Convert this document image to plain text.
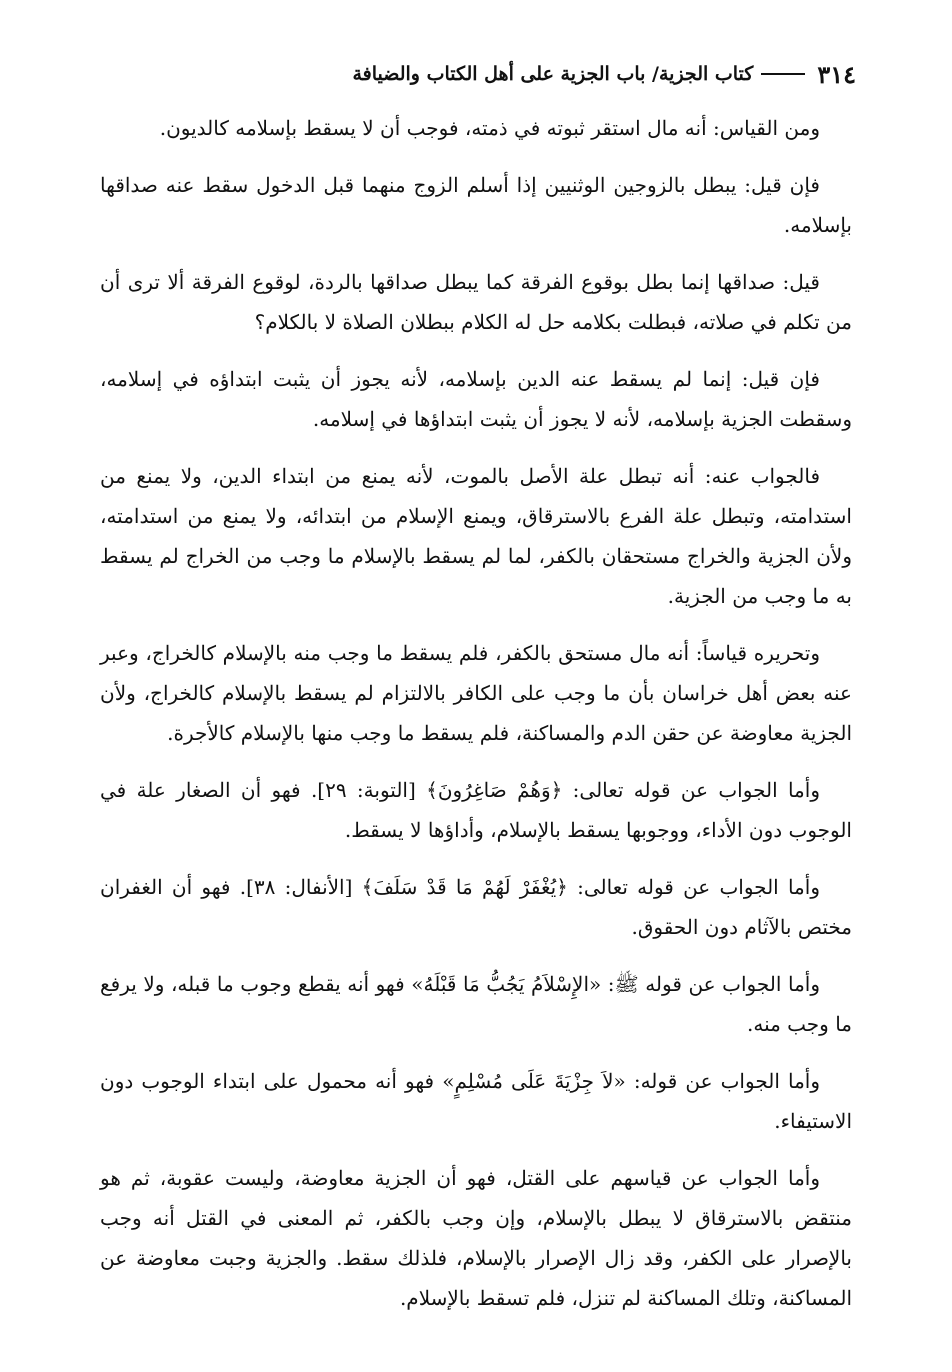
٣١٤
كتاب الجزية/ باب الجزية على أهل الكتاب والضيافة

ومن القياس: أنه مال استقر ثبوته في ذمته، فوجب أن لا يسقط بإسلامه كالديون.

فإن قيل: يبطل بالزوجين الوثنيين إذا أسلم الزوج منهما قبل الدخول سقط عنه صداقها بإسلامه.

قيل: صداقها إنما بطل بوقوع الفرقة كما يبطل صداقها بالردة، لوقوع الفرقة ألا ترى أن من تكلم في صلاته، فبطلت بكلامه حل له الكلام ببطلان الصلاة لا بالكلام؟

فإن قيل: إنما لم يسقط عنه الدين بإسلامه، لأنه يجوز أن يثبت ابتداؤه في إسلامه، وسقطت الجزية بإسلامه، لأنه لا يجوز أن يثبت ابتداؤها في إسلامه.

فالجواب عنه: أنه تبطل علة الأصل بالموت، لأنه يمنع من ابتداء الدين، ولا يمنع من استدامته، وتبطل علة الفرع بالاسترقاق، ويمنع الإسلام من ابتدائه، ولا يمنع من استدامته، ولأن الجزية والخراج مستحقان بالكفر، لما لم يسقط بالإسلام ما وجب من الخراج لم يسقط به ما وجب من الجزية.

وتحريره قياساً: أنه مال مستحق بالكفر، فلم يسقط ما وجب منه بالإسلام كالخراج، وعبر عنه بعض أهل خراسان بأن ما وجب على الكافر بالالتزام لم يسقط بالإسلام كالخراج، ولأن الجزية معاوضة عن حقن الدم والمساكنة، فلم يسقط ما وجب منها بالإسلام كالأجرة.

وأما الجواب عن قوله تعالى: ﴿وَهُمْ صَاغِرُونَ﴾ [التوبة: ٢٩]. فهو أن الصغار علة في الوجوب دون الأداء، ووجوبها يسقط بالإسلام، وأداؤها لا يسقط.

وأما الجواب عن قوله تعالى: ﴿يُغْفَرْ لَهُمْ مَا قَدْ سَلَفَ﴾ [الأنفال: ٣٨]. فهو أن الغفران مختص بالآثام دون الحقوق.

وأما الجواب عن قوله ﷺ: «الإِسْلاَمُ يَجُبُّ مَا قَبْلَهُ» فهو أنه يقطع وجوب ما قبله، ولا يرفع ما وجب منه.

وأما الجواب عن قوله: «لاَ جِزْيَةَ عَلَى مُسْلِمٍ» فهو أنه محمول على ابتداء الوجوب دون الاستيفاء.

وأما الجواب عن قياسهم على القتل، فهو أن الجزية معاوضة، وليست عقوبة، ثم هو منتقض بالاسترقاق لا يبطل بالإسلام، وإن وجب بالكفر، ثم المعنى في القتل أنه وجب بالإصرار على الكفر، وقد زال الإصرار بالإسلام، فلذلك سقط. والجزية وجبت معاوضة عن المساكنة، وتلك المساكنة لم تنزل، فلم تسقط بالإسلام.
